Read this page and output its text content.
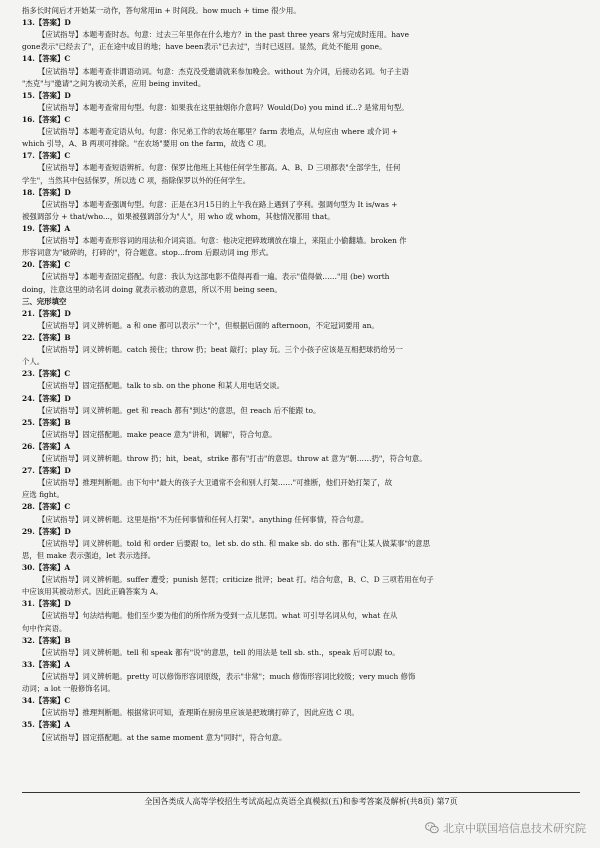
指多长时间后才开始某一动作，答句常用in + 时间段。how much + time 很少用。
13.【答案】D
【应试指导】本题考查时态。句意：过去三年里你在什么地方？in the past three years 常与完成时连用。have
gone表示"已经去了"，正在途中或目的地；have been表示"已去过"，当时已返回。显然，此处不能用 gone。
14.【答案】C
【应试指导】本题考查非谓语动词。句意：杰克没受邀请就来参加晚会。without 为介词，后接动名词。句子主语
"杰克"与"邀请"之间为被动关系，应用 being invited。
15.【答案】D
【应试指导】本题考查常用句型。句意：如果我在这里抽烟你介意吗？Would(Do) you mind if...? 是常用句型。
16.【答案】C
【应试指导】本题考查定语从句。句意：你兄弟工作的农场在哪里？farm 表地点，从句应由 where 或介词 +
which 引导，A、B 两项可排除。"在农场"要用 on the farm，故选 C 项。
17.【答案】C
【应试指导】本题考查短语辨析。句意：保罗比他班上其他任何学生都高。A、B、D 三项都表"全部学生，任何
学生"，当然其中包括保罗，所以选 C 项，指除保罗以外的任何学生。
18.【答案】D
【应试指导】本题考查强调句型。句意：正是在3月15日的上午我在路上遇到了亨利。强调句型为 It is/was +
被强调部分 + that/who...，如果被强调部分为"人"，用 who 或 whom，其他情况都用 that。
19.【答案】A
【应试指导】本题考查形容词的用法和介词宾语。句意：他决定把碎玻璃放在墙上，来阻止小偷翻墙。broken 作
形容词意为"破碎的，打碎的"，符合题意。stop...from 后跟动词 ing 形式。
20.【答案】C
【应试指导】本题考查固定搭配。句意：我认为这部电影不值得再看一遍。表示"值得做……"用 (be) worth
doing，注意这里的动名词 doing 就表示被动的意思，所以不用 being seen。
三、完形填空
21.【答案】D
【应试指导】词义辨析题。a 和 one 都可以表示"一个"，但根据后面的 afternoon，不定冠词要用 an。
22.【答案】B
【应试指导】词义辨析题。catch 接住；throw 扔；beat 敲打；play 玩。三个小孩子应该是互相把球扔给另一
个人。
23.【答案】C
【应试指导】固定搭配题。talk to sb. on the phone 和某人用电话交谈。
24.【答案】D
【应试指导】词义辨析题。get 和 reach 都有"到达"的意思，但 reach 后不能跟 to。
25.【答案】B
【应试指导】固定搭配题。make peace 意为"讲和，调解"，符合句意。
26.【答案】A
【应试指导】词义辨析题。throw 扔；hit，beat，strike 都有"打击"的意思。throw at 意为"朝……扔"，符合句意。
27.【答案】D
【应试指导】推理判断题。由下句中"最大的孩子大卫通常不会和别人打架……"可推断，他们开始打架了，故
应选 fight。
28.【答案】C
【应试指导】词义辨析题。这里是指"不为任何事情和任何人打架"。anything 任何事情，符合句意。
29.【答案】D
【应试指导】词义辨析题。told 和 order 后要跟 to。let sb. do sth. 和 make sb. do sth. 都有"让某人做某事"的意思
思，但 make 表示强迫，let 表示选择。
30.【答案】A
【应试指导】词义辨析题。suffer 遭受；punish 惩罚；criticize 批评；beat 打。结合句意，B、C、D 三项若用在句子
中应该用其被动形式。因此正确答案为 A。
31.【答案】D
【应试指导】句法结构题。他们至少要为他们的所作所为受到一点儿惩罚。what 可引导名词从句，what 在从
句中作宾语。
32.【答案】B
【应试指导】词义辨析题。tell 和 speak 都有"说"的意思，tell 的用法是 tell sb. sth.，speak 后可以跟 to。
33.【答案】A
【应试指导】词义辨析题。pretty 可以修饰形容词原级，表示"非常"；much 修饰形容词比较级；very much 修饰
动词；a lot 一般修饰名词。
34.【答案】C
【应试指导】推理判断题。根据常识可知，查理斯在厨房里应该是把玻璃打碎了，因此应选 C 项。
35.【答案】A
【应试指导】固定搭配题。at the same moment 意为"同时"，符合句意。
全国各类成人高等学校招生考试高起点英语全真模拟(五)和参考答案及解析(共8页) 第7页
北京中联国培信息技术研究院
